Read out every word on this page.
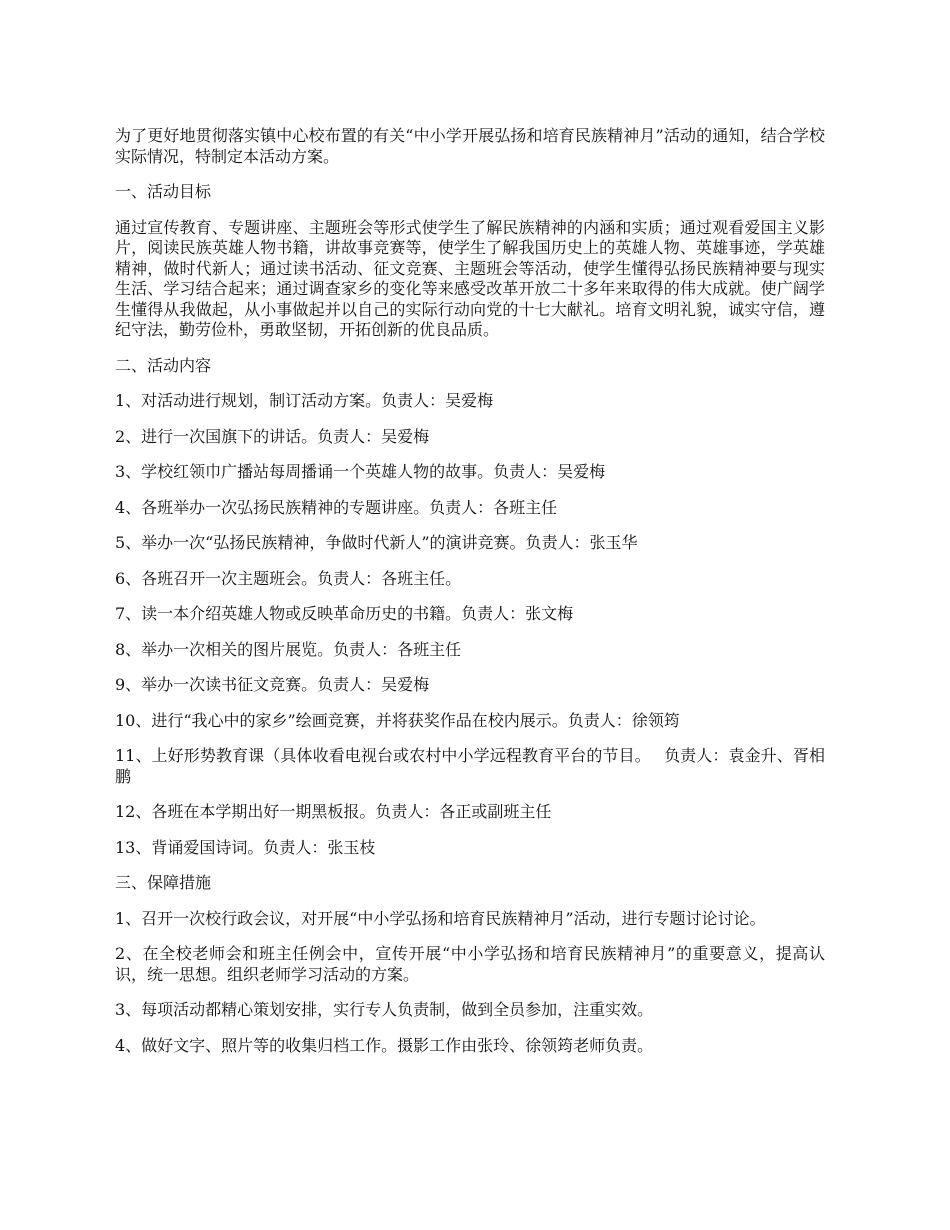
为了更好地贯彻落实镇中心校布置的有关“中小学开展弘扬和培育民族精神月”活动的通知，结合学校实际情况，特制定本活动方案。

一、活动目标

通过宣传教育、专题讲座、主题班会等形式使学生了解民族精神的内涵和实质；通过观看爱国主义影片，阅读民族英雄人物书籍，讲故事竞赛等，使学生了解我国历史上的英雄人物、英雄事迹，学英雄精神，做时代新人；通过读书活动、征文竞赛、主题班会等活动，使学生懂得弘扬民族精神要与现实生活、学习结合起来；通过调查家乡的变化等来感受改革开放二十多年来取得的伟大成就。使广阔学生懂得从我做起，从小事做起并以自己的实际行动向党的十七大献礼。培育文明礼貌，诚实守信，遵纪守法，勤劳俭朴，勇敢坚韧，开拓创新的优良品质。

二、活动内容

1、对活动进行规划，制订活动方案。负责人：吴爱梅

2、进行一次国旗下的讲话。负责人：吴爱梅

3、学校红领巾广播站每周播诵一个英雄人物的故事。负责人：吴爱梅

4、各班举办一次弘扬民族精神的专题讲座。负责人：各班主任

5、举办一次“弘扬民族精神，争做时代新人”的演讲竞赛。负责人：张玉华

6、各班召开一次主题班会。负责人：各班主任。

7、读一本介绍英雄人物或反映革命历史的书籍。负责人：张文梅

8、举办一次相关的图片展览。负责人：各班主任

9、举办一次读书征文竞赛。负责人：吴爱梅

10、进行“我心中的家乡”绘画竞赛，并将获奖作品在校内展示。负责人：徐领筠

11、上好形势教育课（具体收看电视台或农村中小学远程教育平台的节目。　 负责人：袁金升、胥相鹏

12、各班在本学期出好一期黑板报。负责人：各正或副班主任

13、背诵爱国诗词。负责人：张玉枝

三、保障措施

1、召开一次校行政会议，对开展“中小学弘扬和培育民族精神月”活动，进行专题讨论讨论。

2、在全校老师会和班主任例会中，宣传开展“中小学弘扬和培育民族精神月”的重要意义，提高认识，统一思想。组织老师学习活动的方案。

3、每项活动都精心策划安排，实行专人负责制，做到全员参加，注重实效。

4、做好文字、照片等的收集归档工作。摄影工作由张玲、徐领筠老师负责。
